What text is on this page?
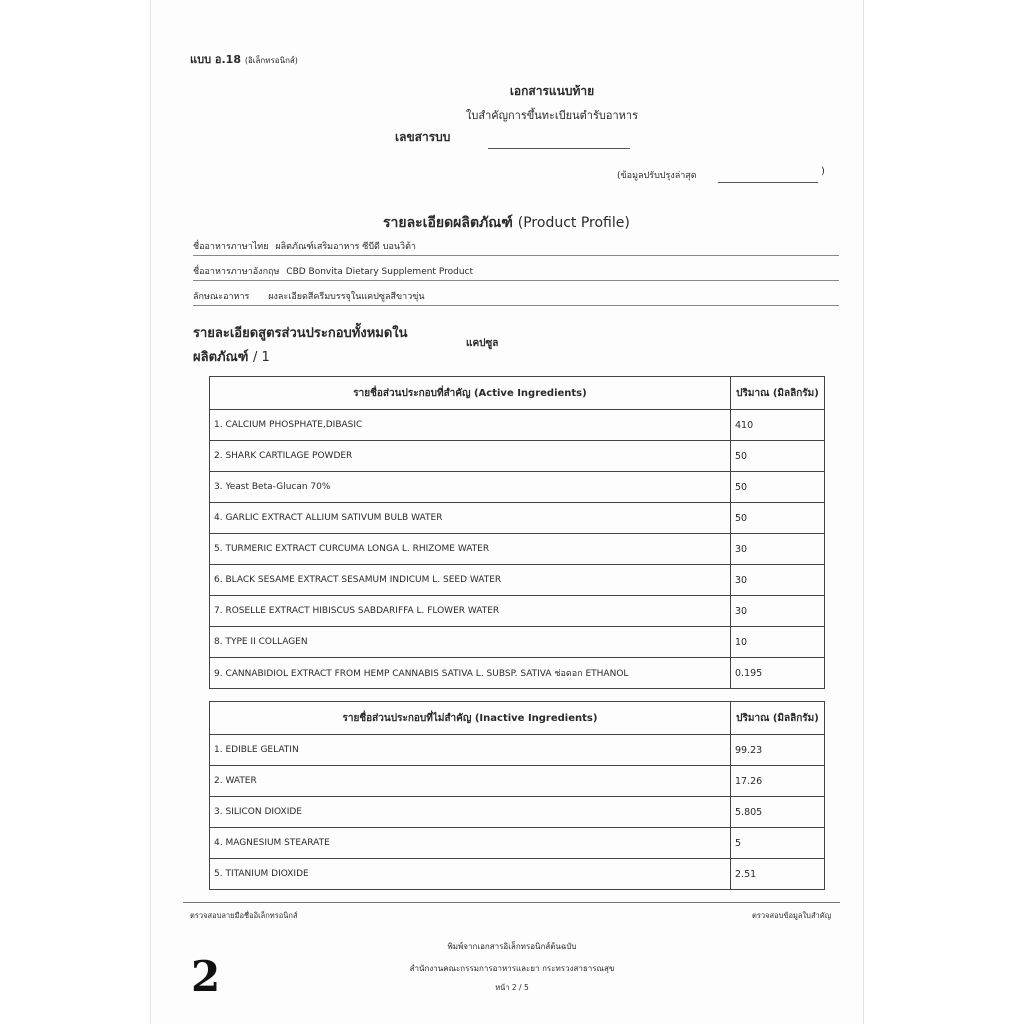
แบบ อ.18 (อิเล็กทรอนิกส์)
เอกสารแนบท้าย
ใบสำคัญการขึ้นทะเบียนตำรับอาหาร
เลขสารบบ
(ข้อมูลปรับปรุงล่าสุด	)
รายละเอียดผลิตภัณฑ์ (Product Profile)
ชื่ออาหารภาษาไทย ผลิตภัณฑ์เสริมอาหาร ซีบีดี บอนวิต้า
ชื่ออาหารภาษาอังกฤษ CBD Bonvita Dietary Supplement Product
ลักษณะอาหาร ผงละเอียดสีครีมบรรจุในแคปซูลสีขาวขุ่น
รายละเอียดสูตรส่วนประกอบทั้งหมดใน
ผลิตภัณฑ์ / 1
แคปซูล
รายชื่อส่วนประกอบที่สำคัญ (Active Ingredients)	ปริมาณ (มิลลิกรัม)
1. CALCIUM PHOSPHATE,DIBASIC	410
2. SHARK CARTILAGE POWDER	50
3. Yeast Beta-Glucan 70%	50
4. GARLIC EXTRACT ALLIUM SATIVUM BULB WATER	50
5. TURMERIC EXTRACT CURCUMA LONGA L. RHIZOME WATER	30
6. BLACK SESAME EXTRACT SESAMUM INDICUM L. SEED WATER	30
7. ROSELLE EXTRACT HIBISCUS SABDARIFFA L. FLOWER WATER	30
8. TYPE II COLLAGEN	10
9. CANNABIDIOL EXTRACT FROM HEMP CANNABIS SATIVA L. SUBSP. SATIVA ช่อดอก ETHANOL	0.195
รายชื่อส่วนประกอบที่ไม่สำคัญ (Inactive Ingredients)	ปริมาณ (มิลลิกรัม)
1. EDIBLE GELATIN	99.23
2. WATER	17.26
3. SILICON DIOXIDE	5.805
4. MAGNESIUM STEARATE	5
5. TITANIUM DIOXIDE	2.51
ตรวจสอบลายมือชื่ออิเล็กทรอนิกส์	ตรวจสอบข้อมูลใบสำคัญ
พิมพ์จากเอกสารอิเล็กทรอนิกส์ต้นฉบับ
สำนักงานคณะกรรมการอาหารและยา กระทรวงสาธารณสุข
หน้า 2 / 5
2
